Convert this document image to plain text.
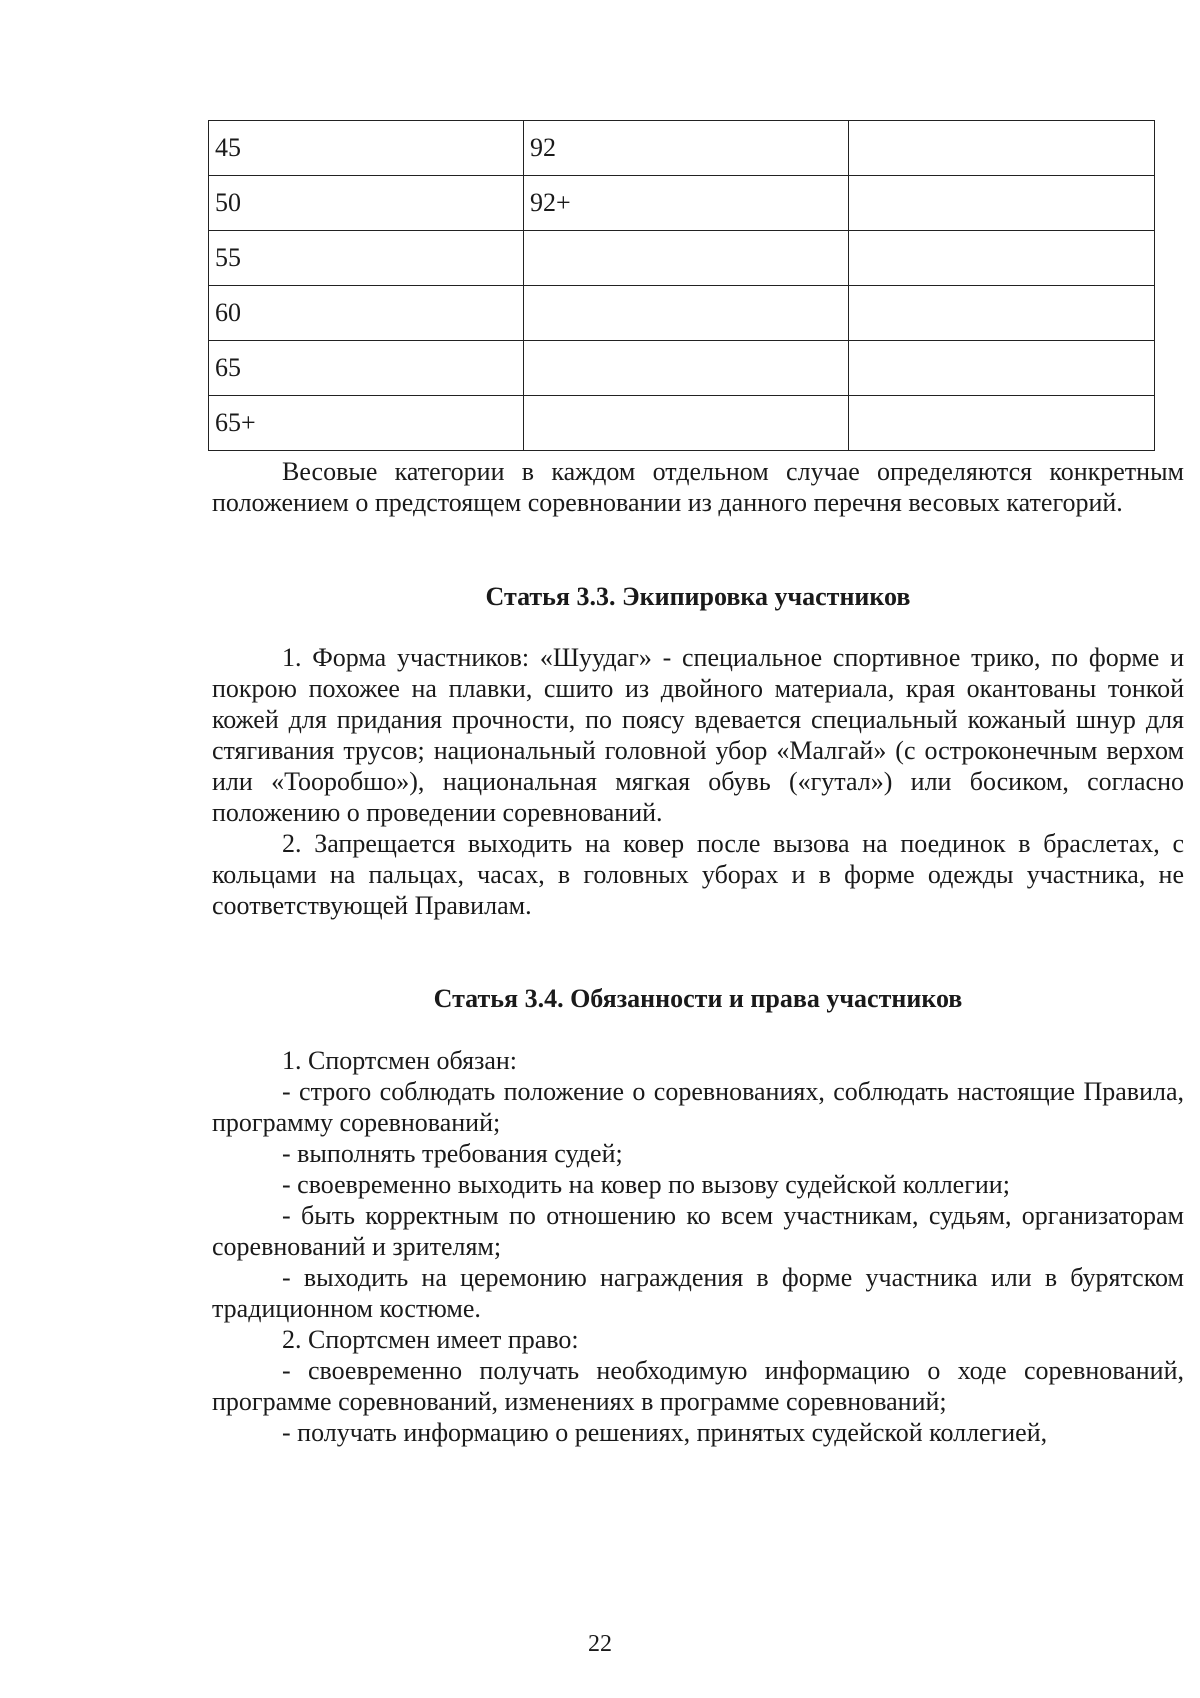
45	92	
50	92+	
55		
60		
65		
65+		

Весовые категории в каждом отдельном случае определяются конкретным положением о предстоящем соревновании из данного перечня весовых категорий.

Статья 3.3. Экипировка участников

1. Форма участников: «Шуудаг» - специальное спортивное трико, по форме и покрою похожее на плавки, сшито из двойного материала, края окантованы тонкой кожей для придания прочности, по поясу вдевается специальный кожаный шнур для стягивания трусов; национальный головной убор «Малгай» (с остроконечным верхом или «Тооробшо»), национальная мягкая обувь («гутал») или босиком, согласно положению о проведении соревнований.

2. Запрещается выходить на ковер после вызова на поединок в браслетах, с кольцами на пальцах, часах, в головных уборах и в форме одежды участника, не соответствующей Правилам.

Статья 3.4. Обязанности и права участников

1. Спортсмен обязан:

- строго соблюдать положение о соревнованиях, соблюдать настоящие Правила, программу соревнований;

- выполнять требования судей;

- своевременно выходить на ковер по вызову судейской коллегии;

- быть корректным по отношению ко всем участникам, судьям, организаторам соревнований и зрителям;

- выходить на церемонию награждения в форме участника или в бурятском традиционном костюме.

2. Спортсмен имеет право:

- своевременно получать необходимую информацию о ходе соревнований, программе соревнований, изменениях в программе соревнований;

- получать информацию о решениях, принятых судейской коллегией,

22
